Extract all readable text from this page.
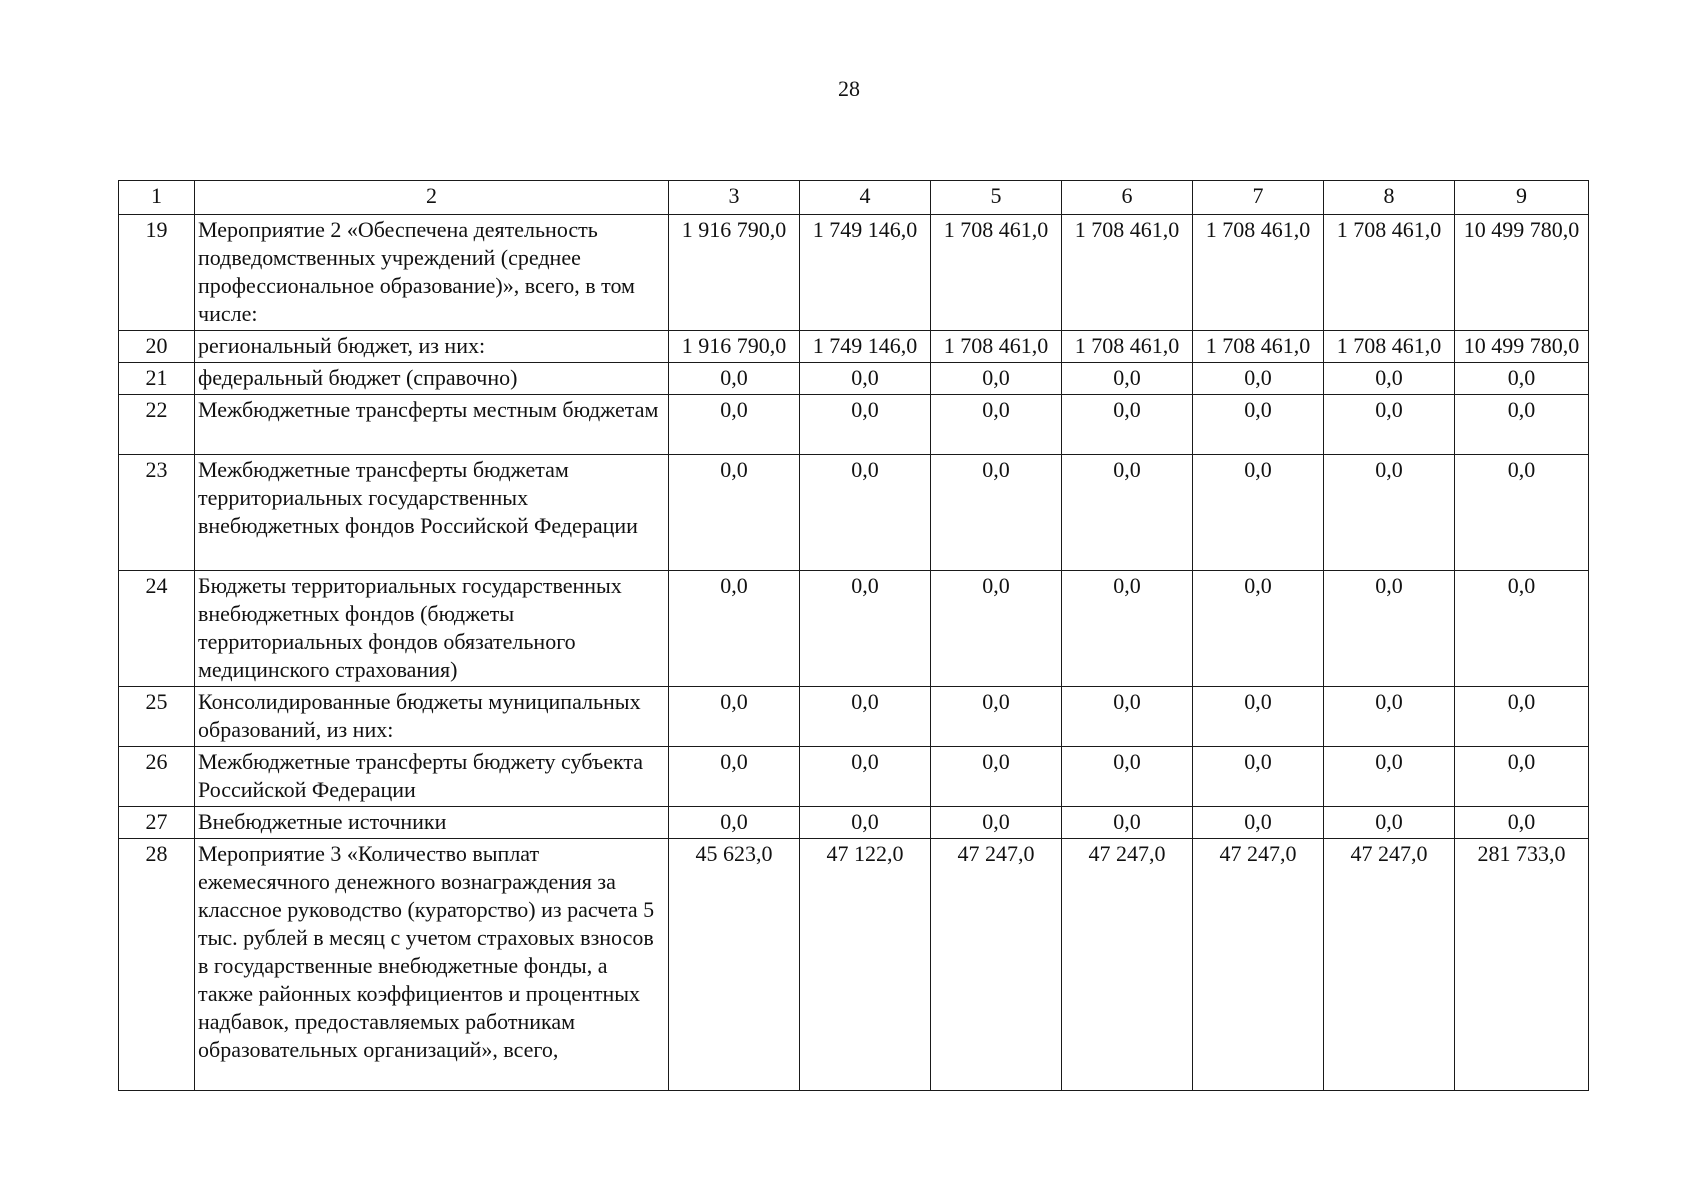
28
1	2	3	4	5	6	7	8	9
19	Мероприятие 2 «Обеспечена деятельность подведомственных учреждений (среднее профессиональное образование)», всего, в том числе:	1 916 790,0	1 749 146,0	1 708 461,0	1 708 461,0	1 708 461,0	1 708 461,0	10 499 780,0
20	региональный бюджет, из них:	1 916 790,0	1 749 146,0	1 708 461,0	1 708 461,0	1 708 461,0	1 708 461,0	10 499 780,0
21	федеральный бюджет (справочно)	0,0	0,0	0,0	0,0	0,0	0,0	0,0
22	Межбюджетные трансферты местным бюджетам	0,0	0,0	0,0	0,0	0,0	0,0	0,0
23	Межбюджетные трансферты бюджетам территориальных государственных внебюджетных фондов Российской Федерации	0,0	0,0	0,0	0,0	0,0	0,0	0,0
24	Бюджеты территориальных государственных внебюджетных фондов (бюджеты территориальных фондов обязательного медицинского страхования)	0,0	0,0	0,0	0,0	0,0	0,0	0,0
25	Консолидированные бюджеты муниципальных образований, из них:	0,0	0,0	0,0	0,0	0,0	0,0	0,0
26	Межбюджетные трансферты бюджету субъекта Российской Федерации	0,0	0,0	0,0	0,0	0,0	0,0	0,0
27	Внебюджетные источники	0,0	0,0	0,0	0,0	0,0	0,0	0,0
28	Мероприятие 3 «Количество выплат ежемесячного денежного вознаграждения за классное руководство (кураторство) из расчета 5 тыс. рублей в месяц с учетом страховых взносов в государственные внебюджетные фонды, а также районных коэффициентов и процентных надбавок, предоставляемых работникам образовательных организаций», всего,	45 623,0	47 122,0	47 247,0	47 247,0	47 247,0	47 247,0	281 733,0
